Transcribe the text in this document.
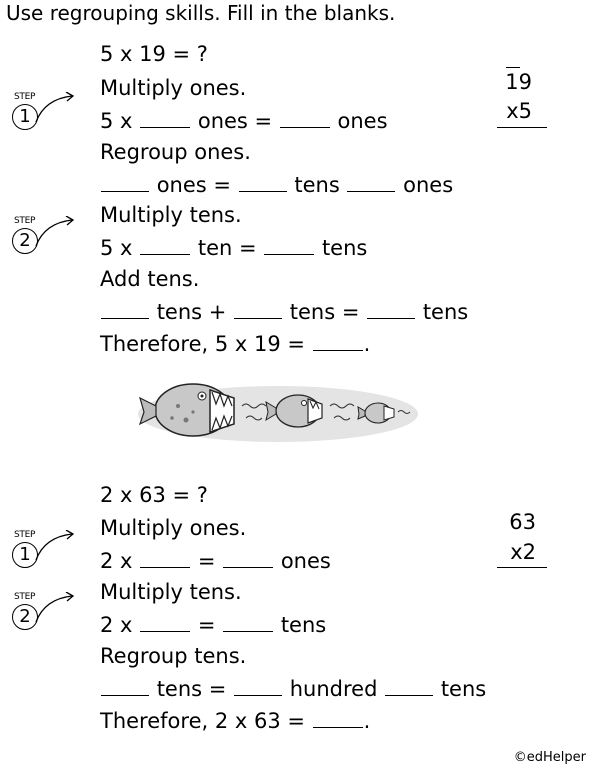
Use regrouping skills. Fill in the blanks.
5 x 19 = ?
STEP
1
Multiply ones.
5 x	ones =	ones
Regroup ones.
ones =	tens	ones
STEP
2
Multiply tens.
5 x	ten =	tens
Add tens.
tens +	tens =	tens
Therefore, 5 x 19 =	.
19
x5
2 x 63 = ?
STEP
1
Multiply ones.
2 x	=	ones
STEP
2
Multiply tens.
2 x	=	tens
Regroup tens.
tens =	hundred	tens
Therefore, 2 x 63 =	.
63
x2
©edHelper
